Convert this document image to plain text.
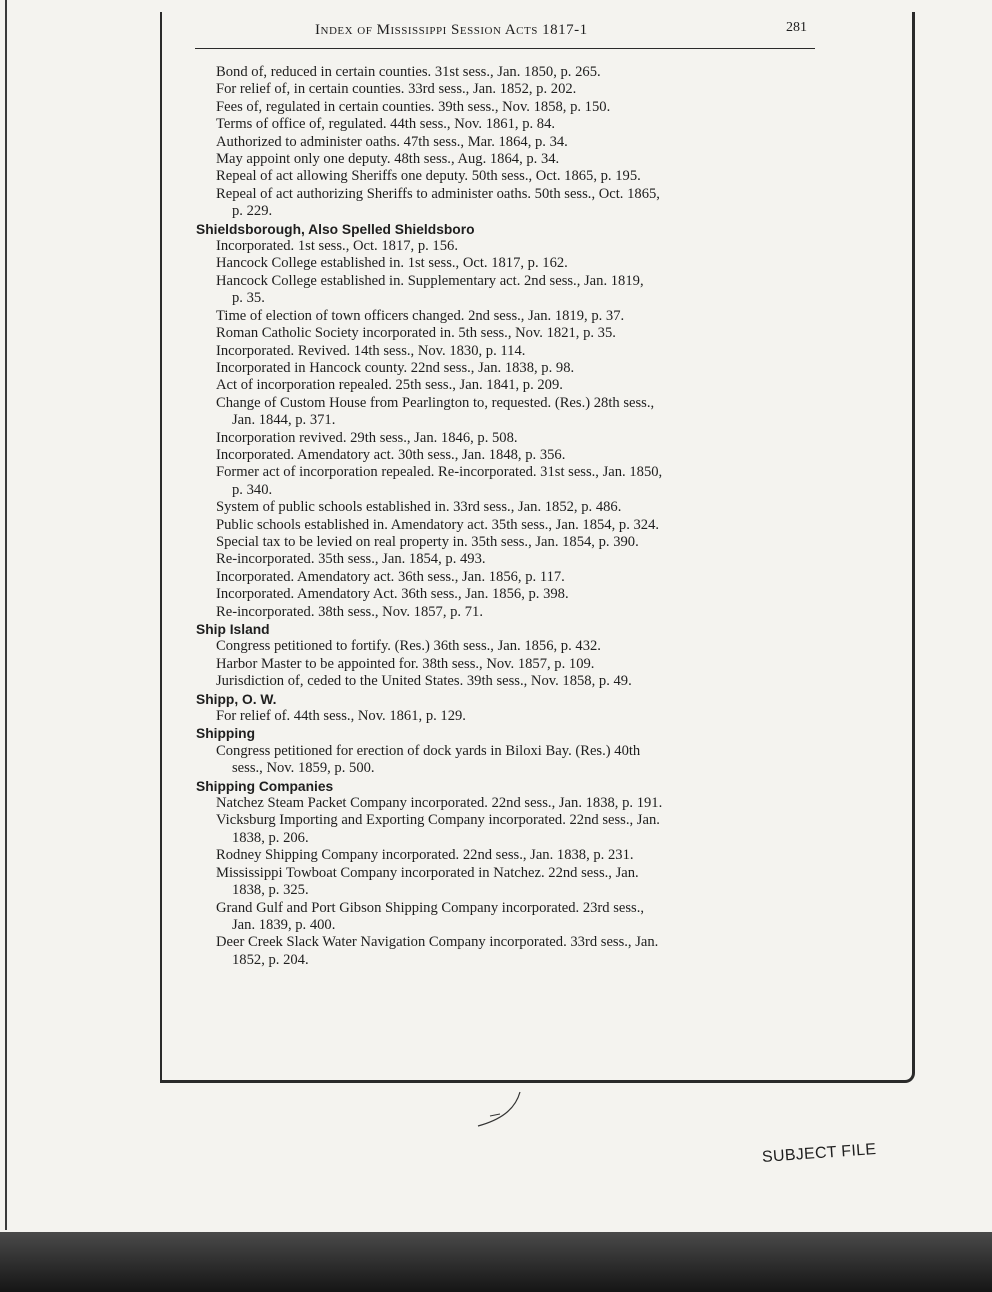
Index of Mississippi Session Acts 1817-1	281
Bond of, reduced in certain counties. 31st sess., Jan. 1850, p. 265.
For relief of, in certain counties. 33rd sess., Jan. 1852, p. 202.
Fees of, regulated in certain counties. 39th sess., Nov. 1858, p. 150.
Terms of office of, regulated. 44th sess., Nov. 1861, p. 84.
Authorized to administer oaths. 47th sess., Mar. 1864, p. 34.
May appoint only one deputy. 48th sess., Aug. 1864, p. 34.
Repeal of act allowing Sheriffs one deputy. 50th sess., Oct. 1865, p. 195.
Repeal of act authorizing Sheriffs to administer oaths. 50th sess., Oct. 1865,
p. 229.
Shieldsborough, Also Spelled Shieldsboro
Incorporated. 1st sess., Oct. 1817, p. 156.
Hancock College established in. 1st sess., Oct. 1817, p. 162.
Hancock College established in. Supplementary act. 2nd sess., Jan. 1819,
p. 35.
Time of election of town officers changed. 2nd sess., Jan. 1819, p. 37.
Roman Catholic Society incorporated in. 5th sess., Nov. 1821, p. 35.
Incorporated. Revived. 14th sess., Nov. 1830, p. 114.
Incorporated in Hancock county. 22nd sess., Jan. 1838, p. 98.
Act of incorporation repealed. 25th sess., Jan. 1841, p. 209.
Change of Custom House from Pearlington to, requested. (Res.) 28th sess.,
Jan. 1844, p. 371.
Incorporation revived. 29th sess., Jan. 1846, p. 508.
Incorporated. Amendatory act. 30th sess., Jan. 1848, p. 356.
Former act of incorporation repealed. Re-incorporated. 31st sess., Jan. 1850,
p. 340.
System of public schools established in. 33rd sess., Jan. 1852, p. 486.
Public schools established in. Amendatory act. 35th sess., Jan. 1854, p. 324.
Special tax to be levied on real property in. 35th sess., Jan. 1854, p. 390.
Re-incorporated. 35th sess., Jan. 1854, p. 493.
Incorporated. Amendatory act. 36th sess., Jan. 1856, p. 117.
Incorporated. Amendatory Act. 36th sess., Jan. 1856, p. 398.
Re-incorporated. 38th sess., Nov. 1857, p. 71.
Ship Island
Congress petitioned to fortify. (Res.) 36th sess., Jan. 1856, p. 432.
Harbor Master to be appointed for. 38th sess., Nov. 1857, p. 109.
Jurisdiction of, ceded to the United States. 39th sess., Nov. 1858, p. 49.
Shipp, O. W.
For relief of. 44th sess., Nov. 1861, p. 129.
Shipping
Congress petitioned for erection of dock yards in Biloxi Bay. (Res.) 40th
sess., Nov. 1859, p. 500.
Shipping Companies
Natchez Steam Packet Company incorporated. 22nd sess., Jan. 1838, p. 191.
Vicksburg Importing and Exporting Company incorporated. 22nd sess., Jan.
1838, p. 206.
Rodney Shipping Company incorporated. 22nd sess., Jan. 1838, p. 231.
Mississippi Towboat Company incorporated in Natchez. 22nd sess., Jan.
1838, p. 325.
Grand Gulf and Port Gibson Shipping Company incorporated. 23rd sess.,
Jan. 1839, p. 400.
Deer Creek Slack Water Navigation Company incorporated. 33rd sess., Jan.
1852, p. 204.
SUBJECT FILE
